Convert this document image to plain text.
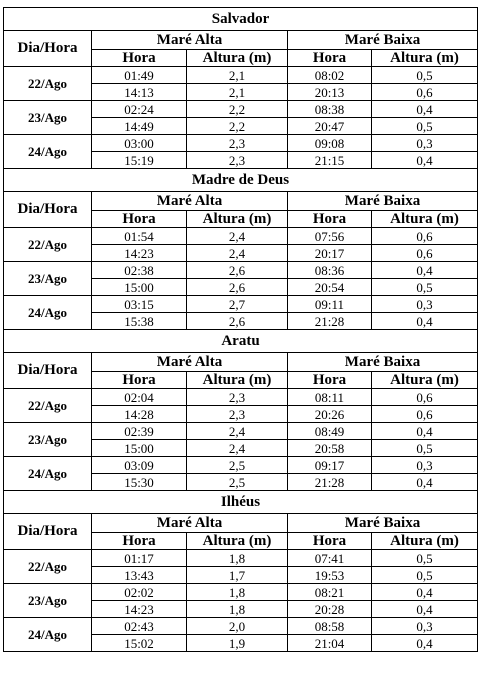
Salvador				
Dia/Hora	Maré Alta		Maré Baixa	
	Hora	Altura (m)	Hora	Altura (m)
22/Ago	01:49	2,1	08:02	0,5
	14:13	2,1	20:13	0,6
23/Ago	02:24	2,2	08:38	0,4
	14:49	2,2	20:47	0,5
24/Ago	03:00	2,3	09:08	0,3
	15:19	2,3	21:15	0,4
Madre de Deus				
Dia/Hora	Maré Alta		Maré Baixa	
	Hora	Altura (m)	Hora	Altura (m)
22/Ago	01:54	2,4	07:56	0,6
	14:23	2,4	20:17	0,6
23/Ago	02:38	2,6	08:36	0,4
	15:00	2,6	20:54	0,5
24/Ago	03:15	2,7	09:11	0,3
	15:38	2,6	21:28	0,4
Aratu				
Dia/Hora	Maré Alta		Maré Baixa	
	Hora	Altura (m)	Hora	Altura (m)
22/Ago	02:04	2,3	08:11	0,6
	14:28	2,3	20:26	0,6
23/Ago	02:39	2,4	08:49	0,4
	15:00	2,4	20:58	0,5
24/Ago	03:09	2,5	09:17	0,3
	15:30	2,5	21:28	0,4
Ilhéus				
Dia/Hora	Maré Alta		Maré Baixa	
	Hora	Altura (m)	Hora	Altura (m)
22/Ago	01:17	1,8	07:41	0,5
	13:43	1,7	19:53	0,5
23/Ago	02:02	1,8	08:21	0,4
	14:23	1,8	20:28	0,4
24/Ago	02:43	2,0	08:58	0,3
	15:02	1,9	21:04	0,4
